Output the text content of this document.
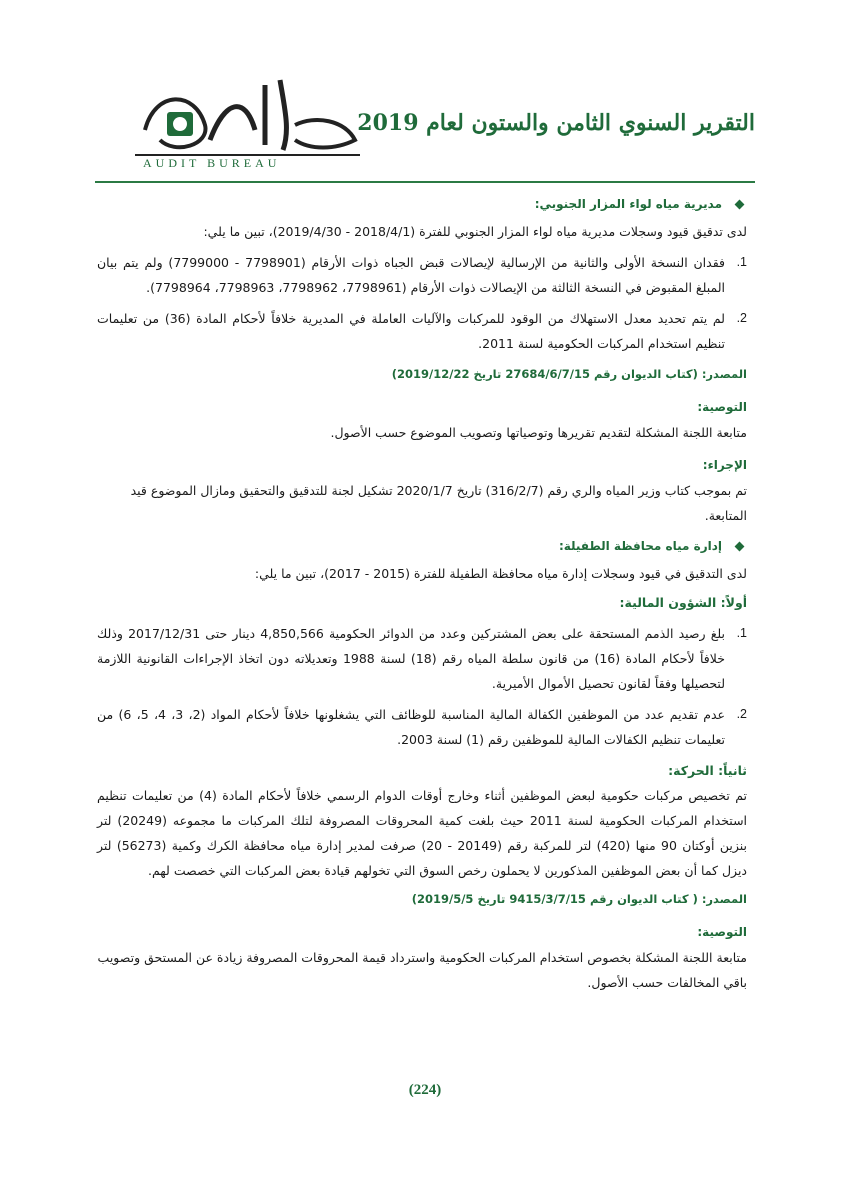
AUDIT BUREAU
التقرير السنوي الثامن والستون لعام 2019
مديرية مياه لواء المزار الجنوبي:

لدى تدقيق قيود وسجلات مديرية مياه لواء المزار الجنوبي للفترة (2018/4/1 - 2019/4/30)، تبين ما يلي:

1.
فقدان النسخة الأولى والثانية من الإرسالية لإيصالات قبض الجباه ذوات الأرقام (7798901 - 7799000) ولم يتم بيان المبلغ المقبوض في النسخة الثالثة من الإيصالات ذوات الأرقام (7798961، 7798962، 7798963، 7798964).
2.
لم يتم تحديد معدل الاستهلاك من الوقود للمركبات والآليات العاملة في المديرية خلافاً لأحكام المادة (36) من تعليمات تنظيم استخدام المركبات الحكومية لسنة 2011.
المصدر: (كتاب الديوان رقم 27684/6/7/15 تاريخ 2019/12/22)
التوصية:

متابعة اللجنة المشكلة لتقديم تقريرها وتوصياتها وتصويب الموضوع حسب الأصول.

الإجراء:

تم بموجب كتاب وزير المياه والري رقم (316/2/7) تاريخ 2020/1/7 تشكيل لجنة للتدقيق والتحقيق ومازال الموضوع قيد المتابعة.

إدارة مياه محافظة الطفيلة:

لدى التدقيق في قيود وسجلات إدارة مياه محافظة الطفيلة للفترة (2015 - 2017)، تبين ما يلي:

أولاً: الشؤون المالية:
1.
بلغ رصيد الذمم المستحقة على بعض المشتركين وعدد من الدوائر الحكومية 4,850,566 دينار حتى 2017/12/31 وذلك خلافاً لأحكام المادة (16) من قانون سلطة المياه رقم (18) لسنة 1988 وتعديلاته دون اتخاذ الإجراءات القانونية اللازمة لتحصيلها وفقاً لقانون تحصيل الأموال الأميرية.
2.
عدم تقديم عدد من الموظفين الكفالة المالية المناسبة للوظائف التي يشغلونها خلافاً لأحكام المواد (2، 3، 4، 5، 6) من تعليمات تنظيم الكفالات المالية للموظفين رقم (1) لسنة 2003.
ثانياً: الحركة:

تم تخصيص مركبات حكومية لبعض الموظفين أثناء وخارج أوقات الدوام الرسمي خلافاً لأحكام المادة (4) من تعليمات تنظيم استخدام المركبات الحكومية لسنة 2011 حيث بلغت كمية المحروقات المصروفة لتلك المركبات ما مجموعه (20249) لتر بنزين أوكتان 90 منها (420) لتر للمركبة رقم (20149 - 20) صرفت لمدير إدارة مياه محافظة الكرك وكمية (56273) لتر ديزل كما أن بعض الموظفين المذكورين لا يحملون رخص السوق التي تخولهم قيادة بعض المركبات التي خصصت لهم.

المصدر: ( كتاب الديوان رقم 9415/3/7/15 تاريخ 2019/5/5)
التوصية:

متابعة اللجنة المشكلة بخصوص استخدام المركبات الحكومية واسترداد قيمة المحروقات المصروفة زيادة عن المستحق وتصويب باقي المخالفات حسب الأصول.

(224)
